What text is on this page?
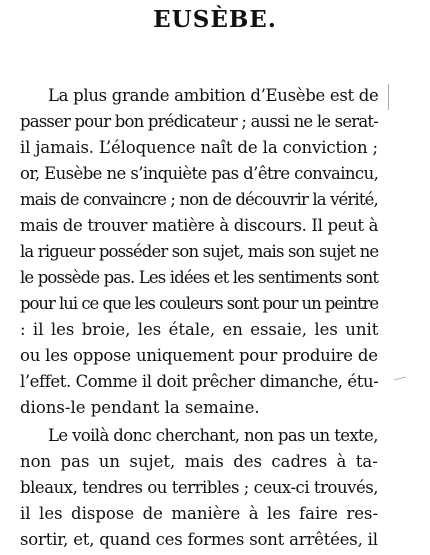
EUSÈBE.
La plus grande ambition d’Eusèbe est de
passer pour bon prédicateur ; aussi ne le serat-
il jamais. L’éloquence naît de la conviction ;
or, Eusèbe ne s’inquiète pas d’être convaincu,
mais de convaincre ; non de découvrir la vérité,
mais de trouver matière à discours. Il peut à
la rigueur posséder son sujet, mais son sujet ne
le possède pas. Les idées et les sentiments sont
pour lui ce que les couleurs sont pour un peintre
: il les broie, les étale, en essaie, les unit
ou les oppose uniquement pour produire de
l’effet. Comme il doit prêcher dimanche, étu-
dions-le pendant la semaine.
Le voilà donc cherchant, non pas un texte,
non pas un sujet, mais des cadres à ta-
bleaux, tendres ou terribles ; ceux-ci trouvés,
il les dispose de manière à les faire res-
sortir, et, quand ces formes sont arrêtées, il
